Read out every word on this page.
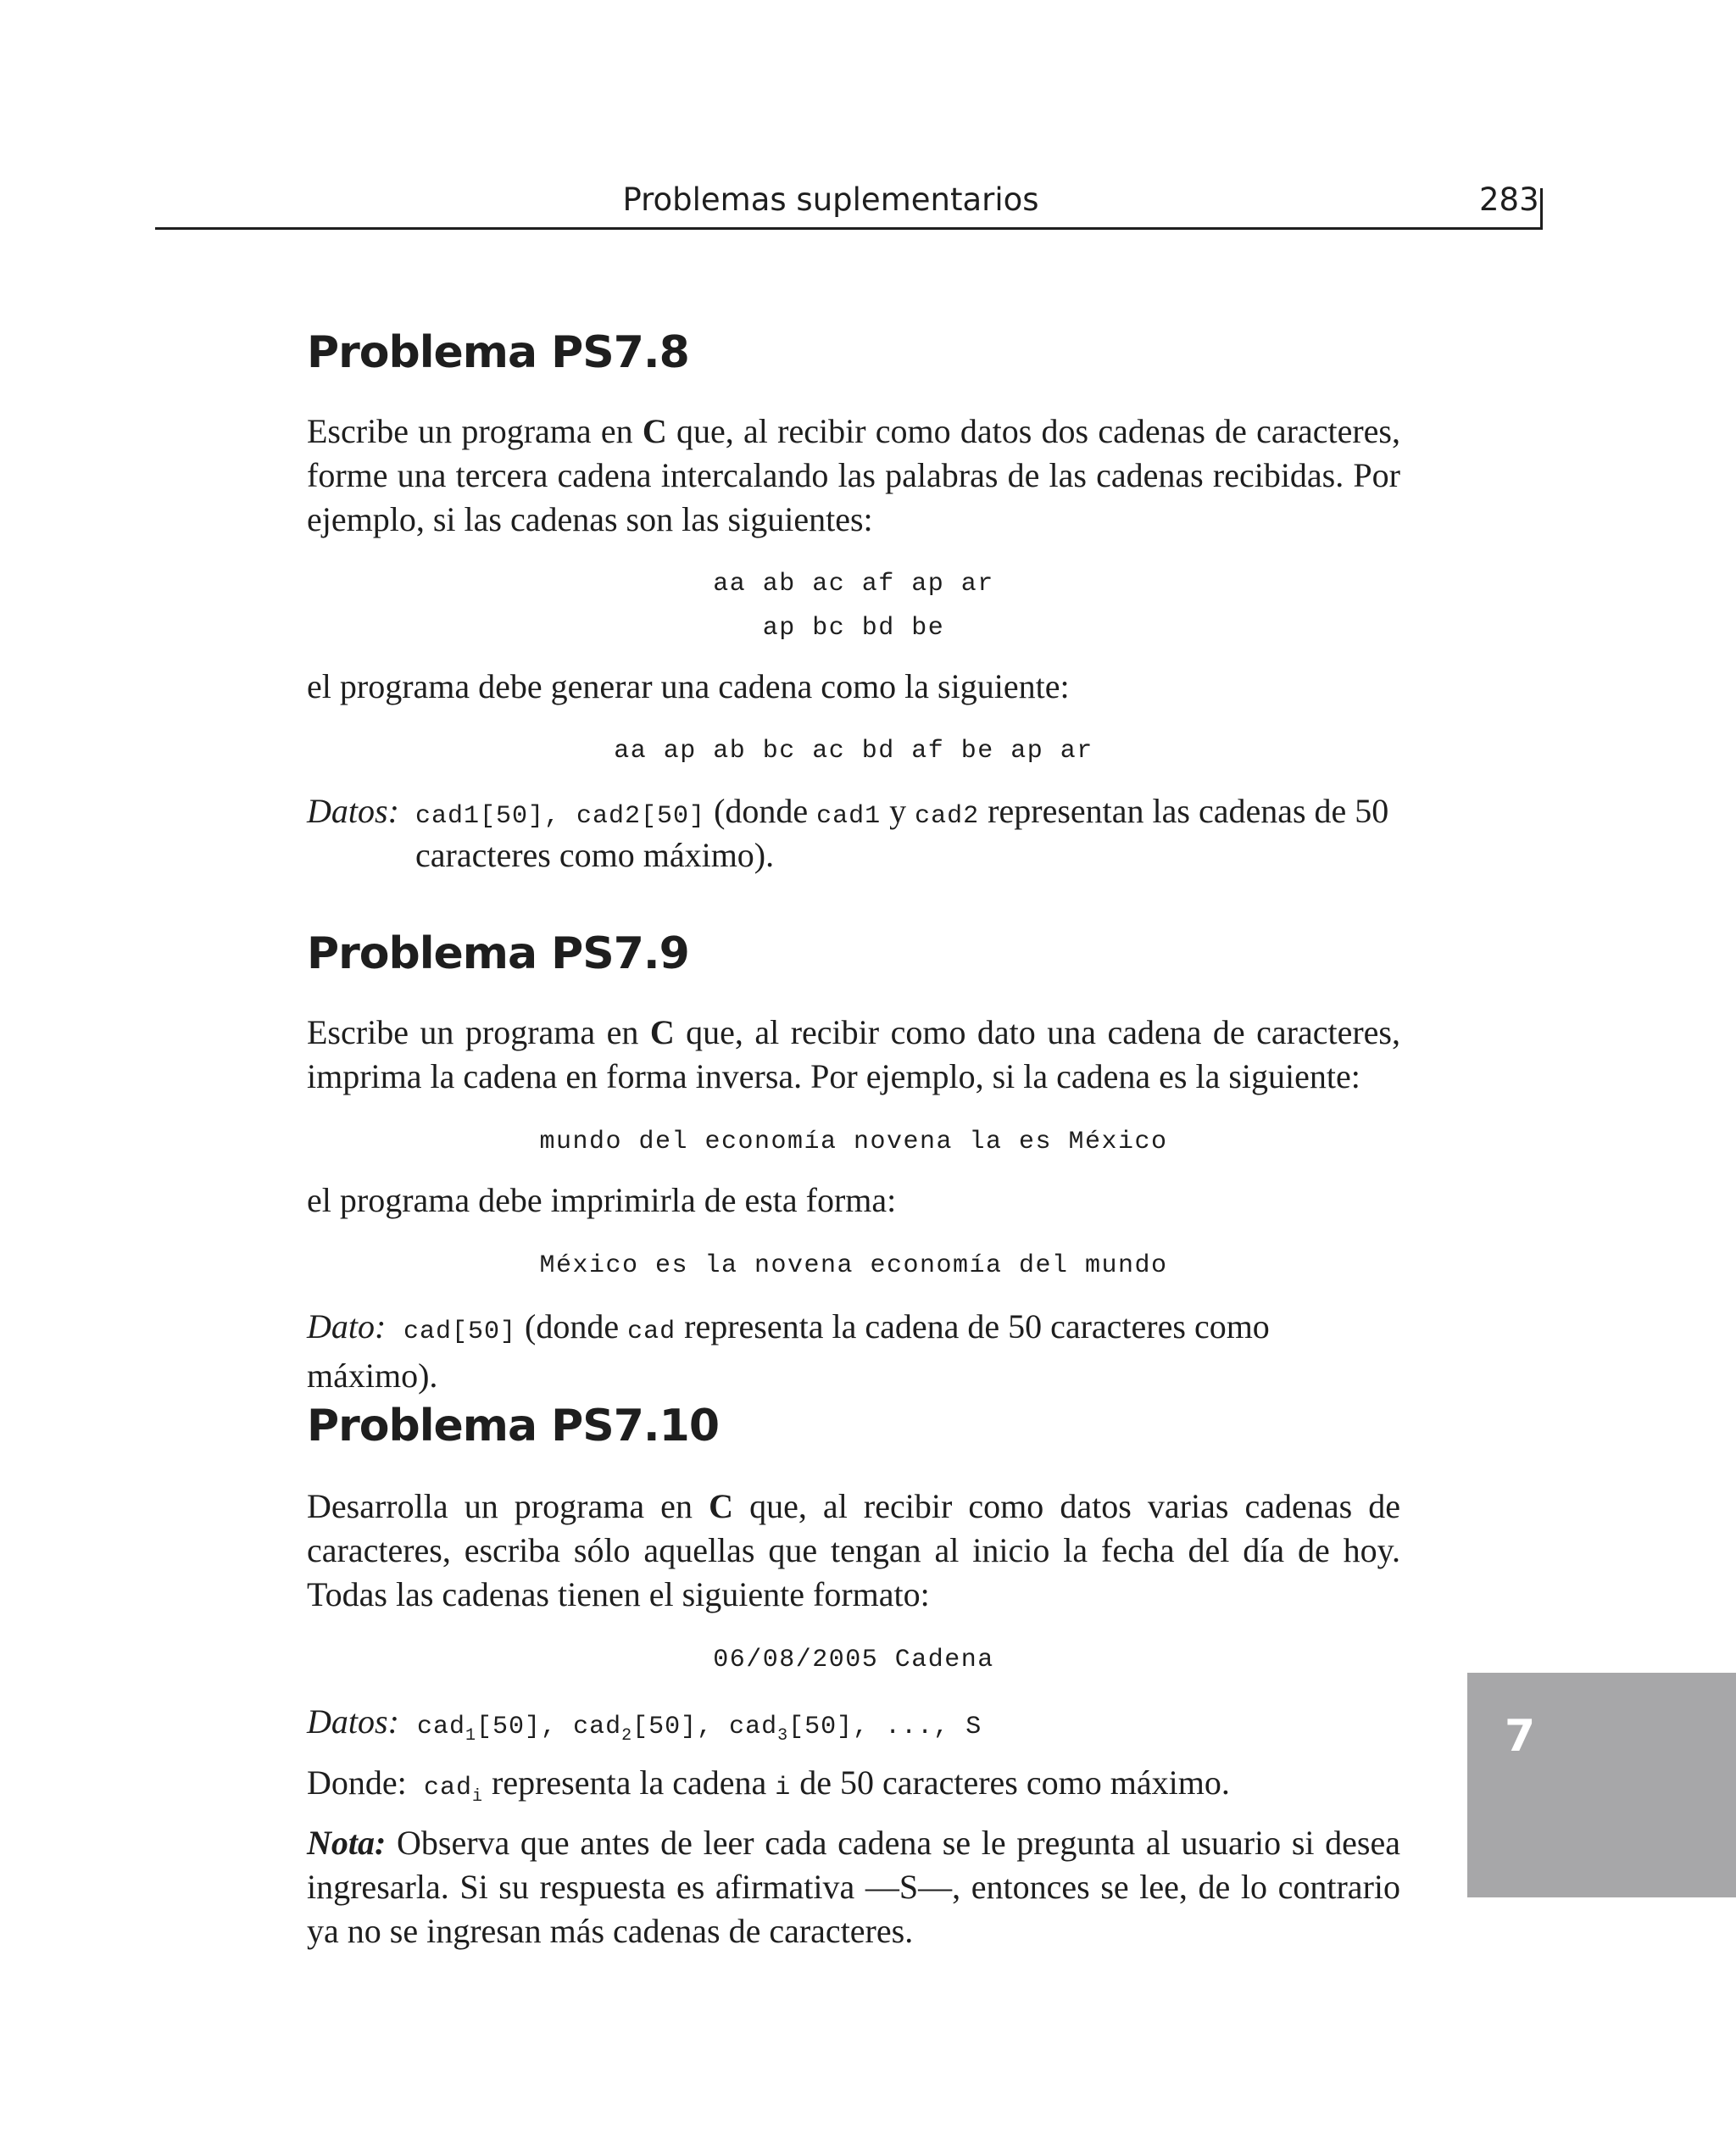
Problemas suplementarios	283
Problema PS7.8
Escribe un programa en C que, al recibir como datos dos cadenas de caracteres, forme una tercera cadena intercalando las palabras de las cadenas recibidas. Por ejemplo, si las cadenas son las siguientes:
aa ab ac af ap ar
ap bc bd be
el programa debe generar una cadena como la siguiente:
aa ap ab bc ac bd af be ap ar
Datos: cad1[50], cad2[50] (donde cad1 y cad2 representan las cadenas de 50
caracteres como máximo).
Problema PS7.9
Escribe un programa en C que, al recibir como dato una cadena de caracteres, imprima la cadena en forma inversa. Por ejemplo, si la cadena es la siguiente:
mundo del economía novena la es México
el programa debe imprimirla de esta forma:
México es la novena economía del mundo
Dato: cad[50] (donde cad representa la cadena de 50 caracteres como máximo).
Problema PS7.10
Desarrolla un programa en C que, al recibir como datos varias cadenas de caracteres, escriba sólo aquellas que tengan al inicio la fecha del día de hoy. Todas las cadenas tienen el siguiente formato:
06/08/2005 Cadena
Datos: cad$_1$[50], cad$_2$[50], cad$_3$[50], ..., S
Donde: cad$_i$ representa la cadena i de 50 caracteres como máximo.
Nota: Observa que antes de leer cada cadena se le pregunta al usuario si desea ingresarla. Si su respuesta es afirmativa —S—, entonces se lee, de lo contrario ya no se ingresan más cadenas de caracteres.
7
